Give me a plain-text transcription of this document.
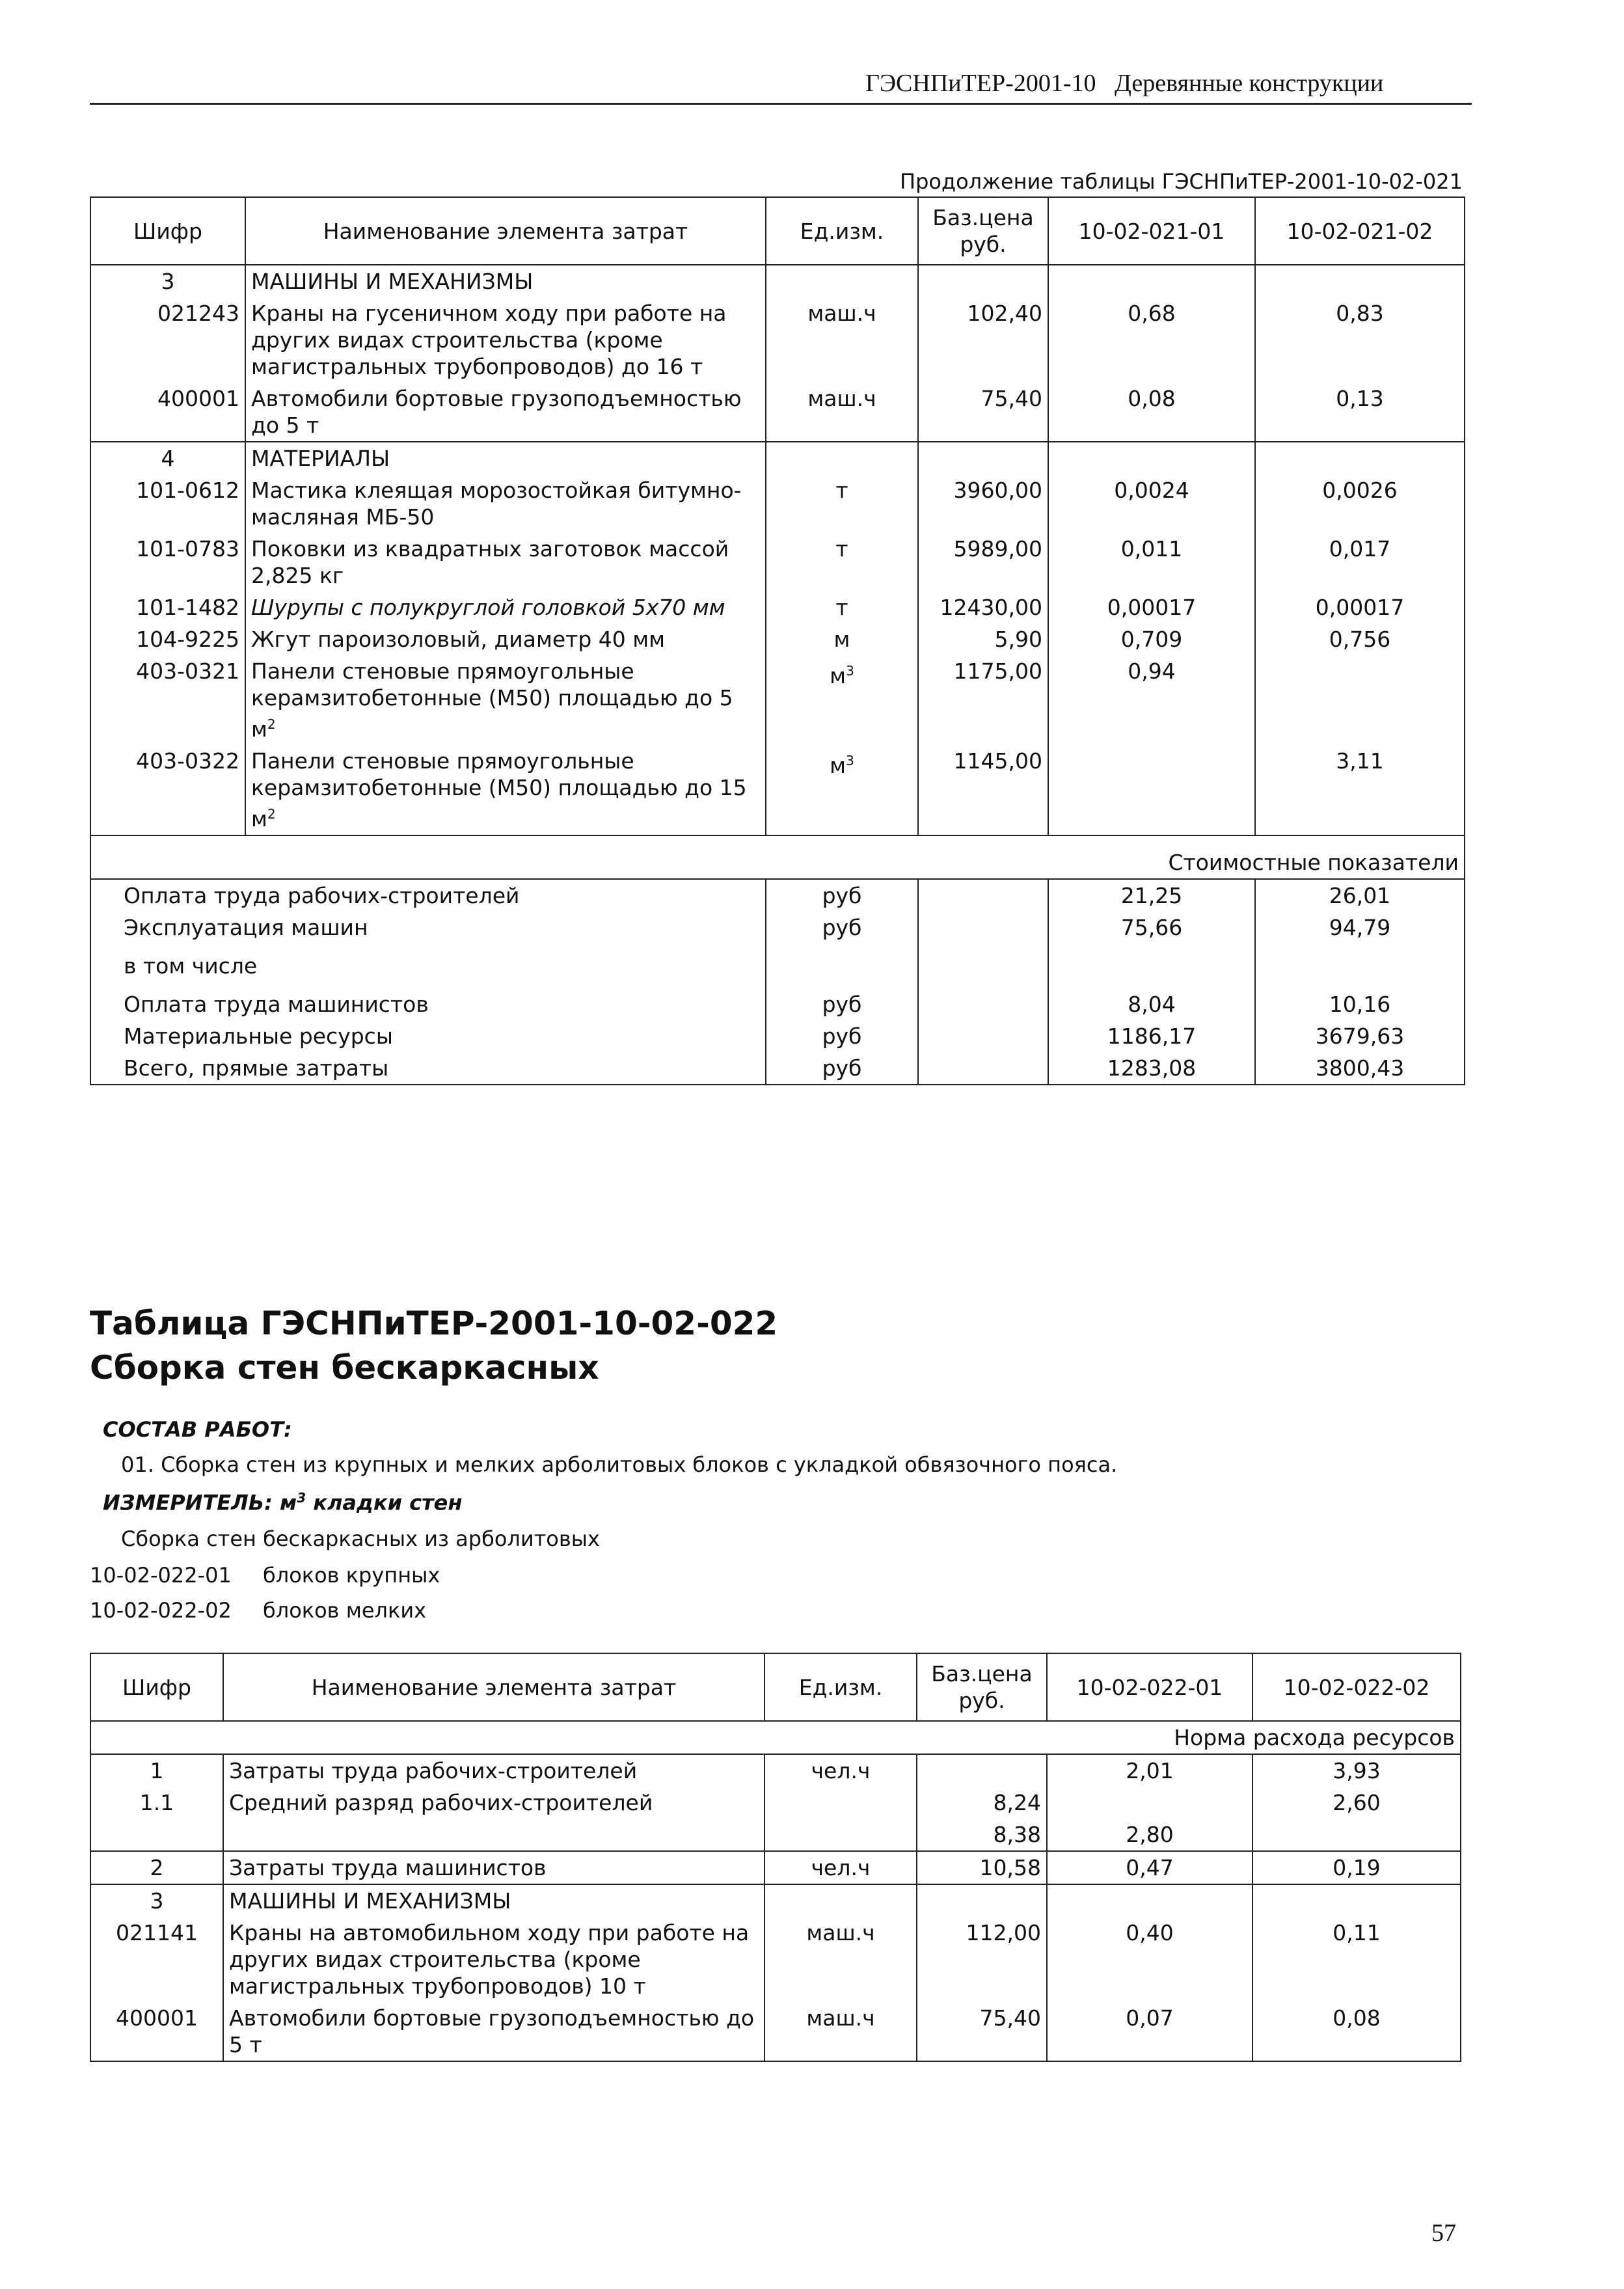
ГЭСНПиТЕР-2001-10 Деревянные конструкции
Продолжение таблицы ГЭСНПиТЕР-2001-10-02-021
Шифр	Наименование элемента затрат	Ед.изм.	Баз.цена руб.	10-02-021-01	10-02-021-02
3	МАШИНЫ И МЕХАНИЗМЫ				
021243	Краны на гусеничном ходу при работе на других видах строительства (кроме магистральных трубопроводов) до 16 т	маш.ч	102,40	0,68	0,83
400001	Автомобили бортовые грузоподъемностью до 5 т	маш.ч	75,40	0,08	0,13
4	МАТЕРИАЛЫ				
101-0612	Мастика клеящая морозостойкая битумно-масляная МБ-50	т	3960,00	0,0024	0,0026
101-0783	Поковки из квадратных заготовок массой 2,825 кг	т	5989,00	0,011	0,017
101-1482	Шурупы с полукруглой головкой 5х70 мм	т	12430,00	0,00017	0,00017
104-9225	Жгут пароизоловый, диаметр 40 мм	м	5,90	0,709	0,756
403-0321	Панели стеновые прямоугольные керамзитобетонные (М50) площадью до 5 $м^2$	$м^3$	1175,00	0,94	
403-0322	Панели стеновые прямоугольные керамзитобетонные (М50) площадью до 15 $м^2$	$м^3$	1145,00		3,11
Стоимостные показатели					
Оплата труда рабочих-строителей		руб		21,25	26,01
Эксплуатация машин		руб		75,66	94,79
в том числе					
Оплата труда машинистов		руб		8,04	10,16
Материальные ресурсы		руб		1186,17	3679,63
Всего, прямые затраты		руб		1283,08	3800,43
Таблица ГЭСНПиТЕР-2001-10-02-022
Сборка стен бескаркасных
СОСТАВ РАБОТ:
01. Сборка стен из крупных и мелких арболитовых блоков с укладкой обвязочного пояса.
ИЗМЕРИТЕЛЬ: $м^3$ кладки стен
Сборка стен бескаркасных из арболитовых
10-02-022-01 блоков крупных
10-02-022-02 блоков мелких
Шифр	Наименование элемента затрат	Ед.изм.	Баз.цена руб.	10-02-022-01	10-02-022-02
Норма расхода ресурсов					
1	Затраты труда рабочих-строителей	чел.ч		2,01	3,93
1.1	Средний разряд рабочих-строителей		8,24		2,60
			8,38	2,80	
2	Затраты труда машинистов	чел.ч	10,58	0,47	0,19
3	МАШИНЫ И МЕХАНИЗМЫ				
021141	Краны на автомобильном ходу при работе на других видах строительства (кроме магистральных трубопроводов) 10 т	маш.ч	112,00	0,40	0,11
400001	Автомобили бортовые грузоподъемностью до 5 т	маш.ч	75,40	0,07	0,08
57
